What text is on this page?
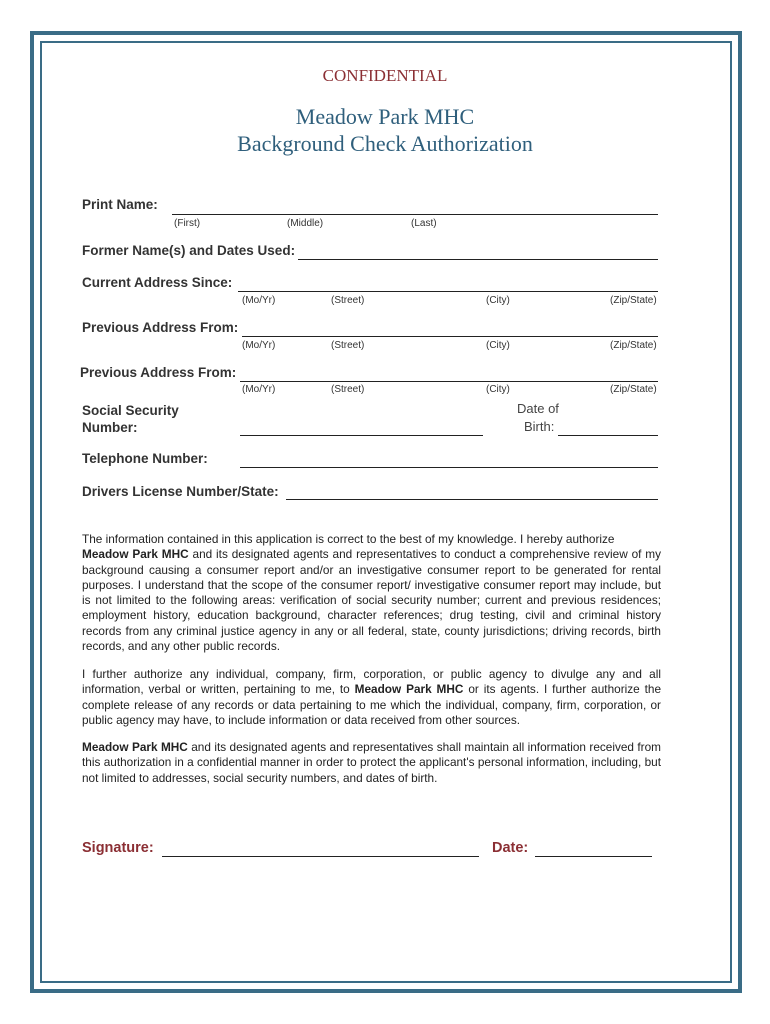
CONFIDENTIAL
Meadow Park MHC
Background Check Authorization
Print Name:
(First)	(Middle)	(Last)
Former Name(s) and Dates Used:
Current Address Since:
(Mo/Yr)	(Street)	(City)	(Zip/State)
Previous Address From:
(Mo/Yr)	(Street)	(City)	(Zip/State)
Previous Address From:
(Mo/Yr)	(Street)	(City)	(Zip/State)
Social Security
Number:
Date of
Birth:
Telephone Number:
Drivers License Number/State:
The information contained in this application is correct to the best of my knowledge. I hereby authorize
Meadow Park MHC and its designated agents and representatives to conduct a comprehensive review of my background causing a consumer report and/or an investigative consumer report to be generated for rental purposes. I understand that the scope of the consumer report/ investigative consumer report may include, but is not limited to the following areas: verification of social security number; current and previous residences; employment history, education background, character references; drug testing, civil and criminal history records from any criminal justice agency in any or all federal, state, county jurisdictions; driving records, birth records, and any other public records.
I further authorize any individual, company, firm, corporation, or public agency to divulge any and all information, verbal or written, pertaining to me, to Meadow Park MHC or its agents. I further authorize the complete release of any records or data pertaining to me which the individual, company, firm, corporation, or public agency may have, to include information or data received from other sources.
Meadow Park MHC and its designated agents and representatives shall maintain all information received from this authorization in a confidential manner in order to protect the applicant's personal information, including, but not limited to addresses, social security numbers, and dates of birth.
Signature:	Date:
